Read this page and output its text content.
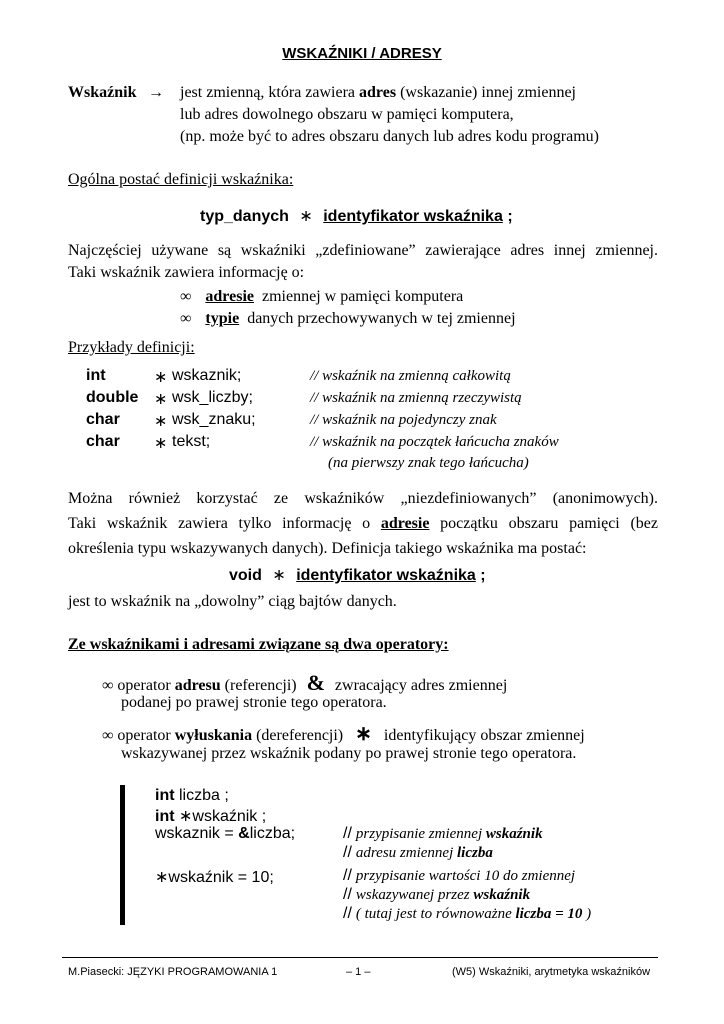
WSKAŹNIKI / ADRESY
Wskaźnik → jest zmienną, która zawiera adres (wskazanie) innej zmiennej
lub adres dowolnego obszaru w pamięci komputera,
(np. może być to adres obszaru danych lub adres kodu programu)
Ogólna postać definicji wskaźnika:
typ_danych ∗ identyfikator wskaźnika ;
Najczęściej używane są wskaźniki „zdefiniowane” zawierające adres innej zmiennej.
Taki wskaźnik zawiera informację o:
∞ adresie zmiennej w pamięci komputera
∞ typie danych przechowywanych w tej zmiennej
Przykłady definicji:
int	∗ wskaznik;	// wskaźnik na zmienną całkowitą
double ∗ wsk_liczby;	// wskaźnik na zmienną rzeczywistą
char ∗ wsk_znaku;	// wskaźnik na pojedynczy znak
char ∗ tekst;	// wskaźnik na początek łańcucha znaków
(na pierwszy znak tego łańcucha)
Można również korzystać ze wskaźników „niezdefiniowanych” (anonimowych).
Taki wskaźnik zawiera tylko informację o adresie początku obszaru pamięci (bez
określenia typu wskazywanych danych). Definicja takiego wskaźnika ma postać:
void ∗ identyfikator wskaźnika ;
jest to wskaźnik na „dowolny” ciąg bajtów danych.
Ze wskaźnikami i adresami związane są dwa operatory:
∞ operator adresu (referencji) & zwracający adres zmiennej
podanej po prawej stronie tego operatora.
∞ operator wyłuskania (dereferencji) ∗ identyfikujący obszar zmiennej
wskazywanej przez wskaźnik podany po prawej stronie tego operatora.
int liczba ;
int ∗wskaźnik ;
wskaznik = &liczba;	// przypisanie zmiennej wskaźnik
// adresu zmiennej liczba
∗wskaźnik = 10;	// przypisanie wartości 10 do zmiennej
// wskazywanej przez wskaźnik
// ( tutaj jest to równoważne liczba = 10 )
M.Piasecki: JĘZYKI PROGRAMOWANIA 1	– 1 –	(W5) Wskaźniki, arytmetyka wskaźników
